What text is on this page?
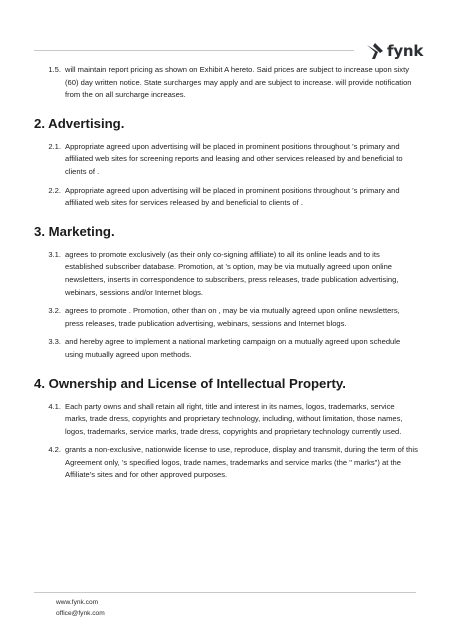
fynk
1.5. will maintain report pricing as shown on Exhibit A hereto. Said prices are subject to increase upon sixty (60) day written notice. State surcharges may apply and are subject to increase. will provide notification from the on all surcharge increases.
2. Advertising.
2.1. Appropriate agreed upon advertising will be placed in prominent positions throughout ’s primary and affiliated web sites for screening reports and leasing and other services released by and beneficial to clients of .
2.2. Appropriate agreed upon advertising will be placed in prominent positions throughout ’s primary and affiliated web sites for services released by and beneficial to clients of .
3. Marketing.
3.1. agrees to promote exclusively (as their only co-signing affiliate) to all its online leads and to its established subscriber database. Promotion, at ’s option, may be via mutually agreed upon online newsletters, inserts in correspondence to subscribers, press releases, trade publication advertising, webinars, sessions and/or Internet blogs.
3.2. agrees to promote . Promotion, other than on , may be via mutually agreed upon online newsletters, press releases, trade publication advertising, webinars, sessions and Internet blogs.
3.3. and hereby agree to implement a national marketing campaign on a mutually agreed upon schedule using mutually agreed upon methods.
4. Ownership and License of Intellectual Property.
4.1. Each party owns and shall retain all right, title and interest in its names, logos, trademarks, service marks, trade dress, copyrights and proprietary technology, including, without limitation, those names, logos, trademarks, service marks, trade dress, copyrights and proprietary technology currently used.
4.2. grants a non-exclusive, nationwide license to use, reproduce, display and transmit, during the term of this Agreement only, ’s specified logos, trade names, trademarks and service marks (the " marks") at the Affiliate's sites and for other approved purposes.
www.fynk.com
office@fynk.com
